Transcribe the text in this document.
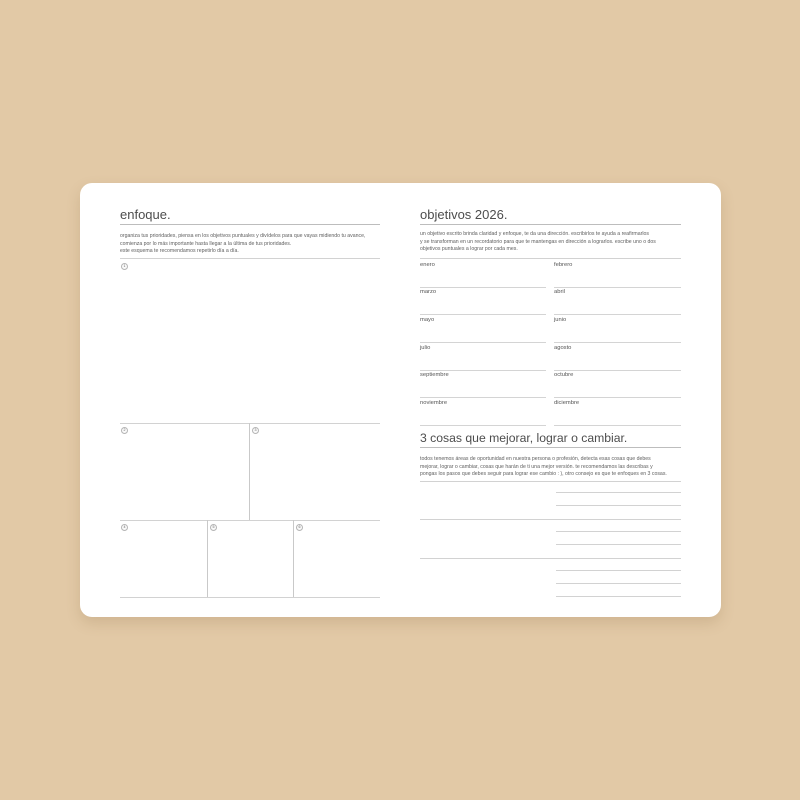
enfoque.
organiza tus prioridades, piensa en los objetivos puntuales y divídelos para que vayas midiendo tu avance,
comienza por lo más importante hasta llegar a la última de tus prioridades.
este esquema te recomendamos repetirlo día a día.
1
2	3
4	5	6
objetivos 2026.
un objetivo escrito brinda claridad y enfoque, te da una dirección. escribirlos te ayuda a reafirmarlos
y se transforman en un recordatorio para que te mantengas en dirección a lograrlos. escribe uno o dos
objetivos puntuales a lograr por cada mes.
enero	febrero
marzo	abril
mayo	junio
julio	agosto
septiembre	octubre
noviembre	diciembre
3 cosas que mejorar, lograr o cambiar.
todos tenemos áreas de oportunidad en nuestra persona o profesión, detecta esas cosas que debes
mejorar, lograr o cambiar, cosas que harán de ti una mejor versión. te recomendamos las describas y
pongas los pasos que debes seguir para lograr ese cambio : ), otro consejo es que te enfoques en 3 cosas.
